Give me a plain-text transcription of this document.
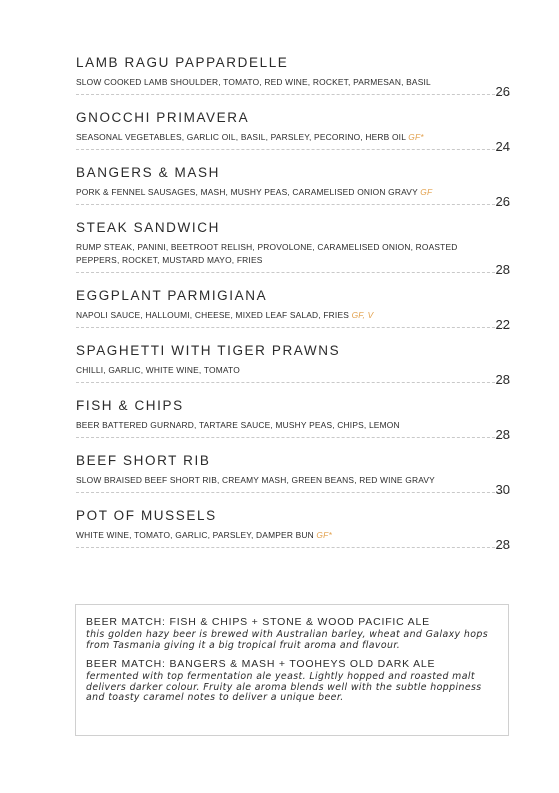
LAMB RAGU PAPPARDELLE
SLOW COOKED LAMB SHOULDER, TOMATO, RED WINE, ROCKET, PARMESAN, BASIL
26
GNOCCHI PRIMAVERA
SEASONAL VEGETABLES, GARLIC OIL, BASIL, PARSLEY, PECORINO, HERB OIL GF*
24
BANGERS & MASH
PORK & FENNEL SAUSAGES, MASH, MUSHY PEAS, CARAMELISED ONION GRAVY GF
26
STEAK SANDWICH
RUMP STEAK, PANINI, BEETROOT RELISH, PROVOLONE, CARAMELISED ONION, ROASTED PEPPERS, ROCKET, MUSTARD MAYO, FRIES
28
EGGPLANT PARMIGIANA
NAPOLI SAUCE, HALLOUMI, CHEESE, MIXED LEAF SALAD, FRIES GF, V
22
SPAGHETTI WITH TIGER PRAWNS
CHILLI, GARLIC, WHITE WINE, TOMATO
28
FISH & CHIPS
BEER BATTERED GURNARD, TARTARE SAUCE, MUSHY PEAS, CHIPS, LEMON
28
BEEF SHORT RIB
SLOW BRAISED BEEF SHORT RIB, CREAMY MASH, GREEN BEANS, RED WINE GRAVY
30
POT OF MUSSELS
WHITE WINE, TOMATO, GARLIC, PARSLEY, DAMPER BUN GF*
28
BEER MATCH: FISH & CHIPS + STONE & WOOD PACIFIC ALE
this golden hazy beer is brewed with Australian barley, wheat and Galaxy hops from Tasmania giving it a big tropical fruit aroma and flavour.
BEER MATCH: BANGERS & MASH + TOOHEYS OLD DARK ALE
fermented with top fermentation ale yeast. Lightly hopped and roasted malt delivers darker colour. Fruity ale aroma blends well with the subtle hoppiness and toasty caramel notes to deliver a unique beer.
